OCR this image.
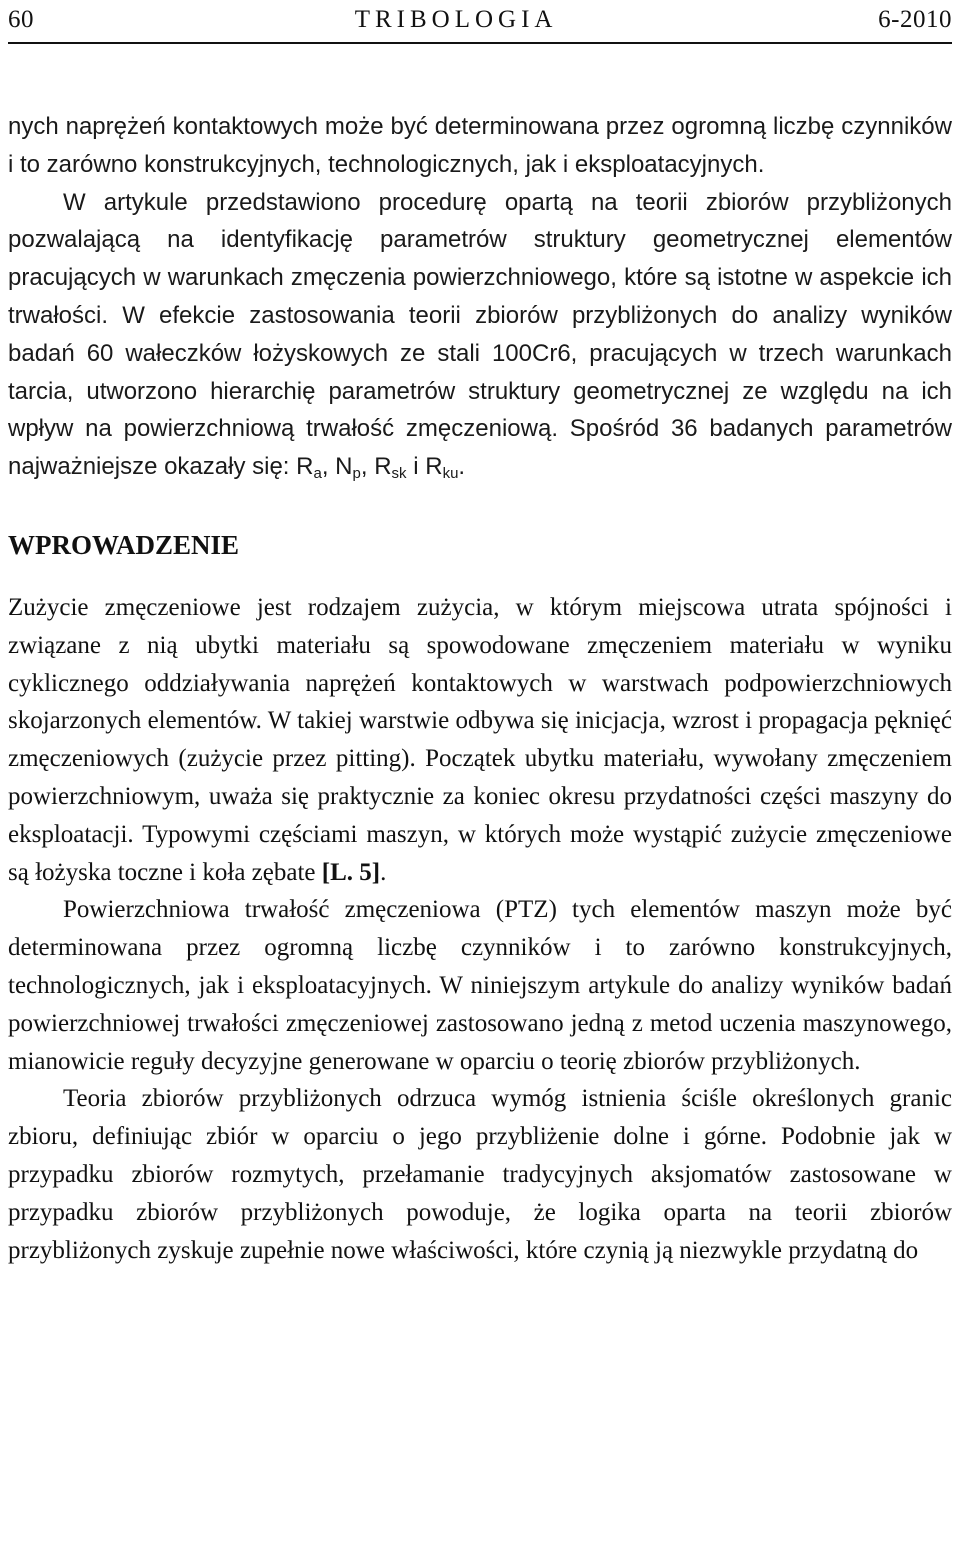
60	TRIBOLOGIA	6-2010

nych naprężeń kontaktowych może być determinowana przez ogromną liczbę czynników i to zarówno konstrukcyjnych, technologicznych, jak i eksploatacyjnych.

W artykule przedstawiono procedurę opartą na teorii zbiorów przybliżonych pozwalającą na identyfikację parametrów struktury geometrycznej elementów pracujących w warunkach zmęczenia powierzchniowego, które są istotne w aspekcie ich trwałości. W efekcie zastosowania teorii zbiorów przybliżonych do analizy wyników badań 60 wałeczków łożyskowych ze stali 100Cr6, pracujących w trzech warunkach tarcia, utworzono hierarchię parametrów struktury geometrycznej ze względu na ich wpływ na powierzchniową trwałość zmęczeniową. Spośród 36 badanych parametrów najważniejsze okazały się: $R_a$, $N_p$, $R_{sk}$ i $R_{ku}$.

WPROWADZENIE

Zużycie zmęczeniowe jest rodzajem zużycia, w którym miejscowa utrata spójności i związane z nią ubytki materiału są spowodowane zmęczeniem materiału w wyniku cyklicznego oddziaływania naprężeń kontaktowych w warstwach podpowierzchniowych skojarzonych elementów. W takiej warstwie odbywa się inicjacja, wzrost i propagacja pęknięć zmęczeniowych (zużycie przez pitting). Początek ubytku materiału, wywołany zmęczeniem powierzchniowym, uważa się praktycznie za koniec okresu przydatności części maszyny do eksploatacji. Typowymi częściami maszyn, w których może wystąpić zużycie zmęczeniowe są łożyska toczne i koła zębate [L. 5].

Powierzchniowa trwałość zmęczeniowa (PTZ) tych elementów maszyn może być determinowana przez ogromną liczbę czynników i to zarówno konstrukcyjnych, technologicznych, jak i eksploatacyjnych. W niniejszym artykule do analizy wyników badań powierzchniowej trwałości zmęczeniowej zastosowano jedną z metod uczenia maszynowego, mianowicie reguły decyzyjne generowane w oparciu o teorię zbiorów przybliżonych.

Teoria zbiorów przybliżonych odrzuca wymóg istnienia ściśle określonych granic zbioru, definiując zbiór w oparciu o jego przybliżenie dolne i górne. Podobnie jak w przypadku zbiorów rozmytych, przełamanie tradycyjnych aksjomatów zastosowane w przypadku zbiorów przybliżonych powoduje, że logika oparta na teorii zbiorów przybliżonych zyskuje zupełnie nowe właściwości, które czynią ją niezwykle przydatną do
